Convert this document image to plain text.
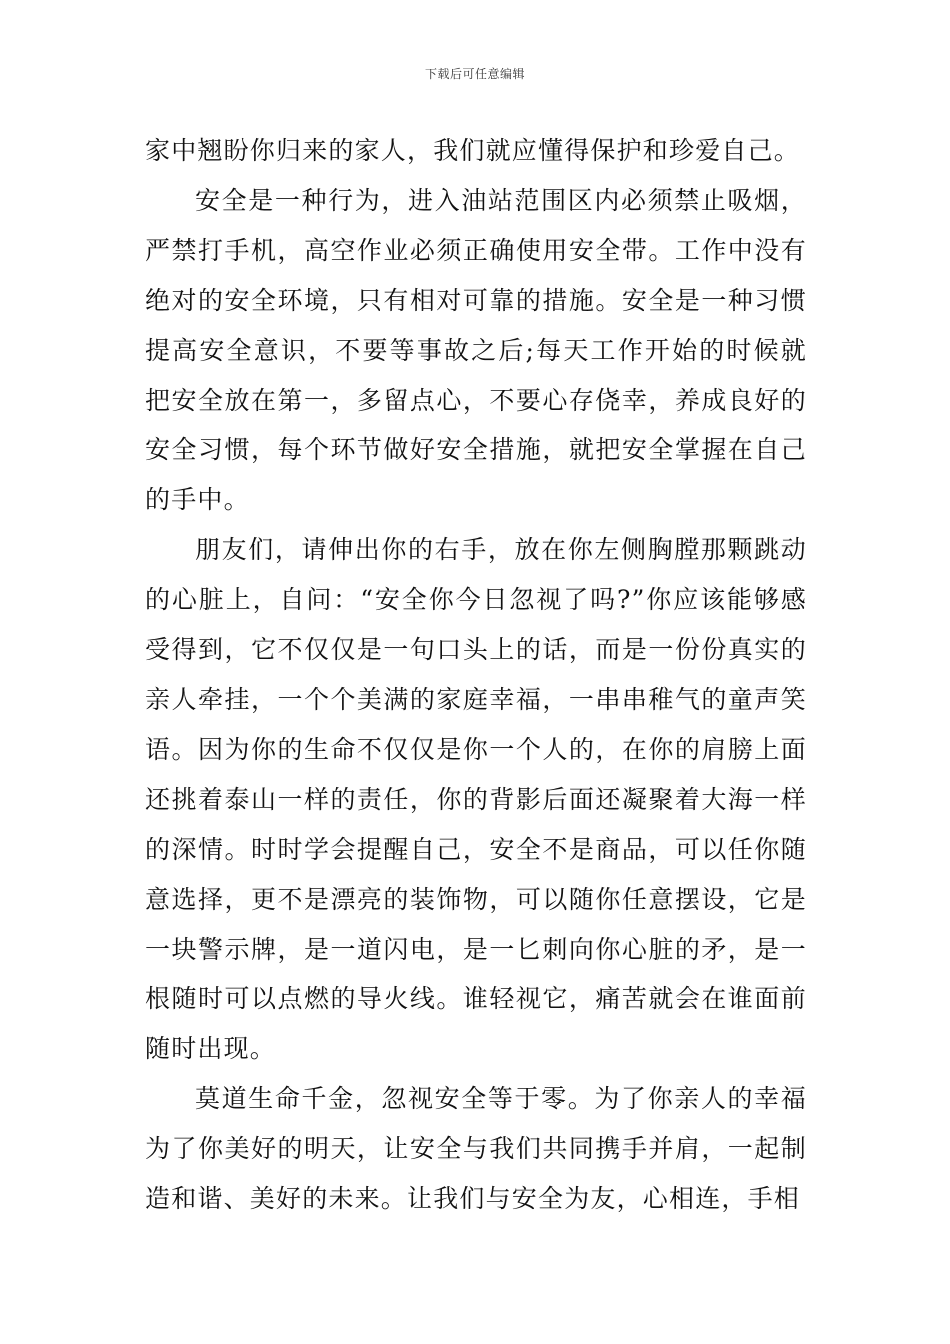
下载后可任意编辑

家中翘盼你归来的家人，我们就应懂得保护和珍爱自己。

安全是一种行为，进入油站范围区内必须禁止吸烟，严禁打手机，高空作业必须正确使用安全带。工作中没有绝对的安全环境，只有相对可靠的措施。安全是一种习惯提高安全意识，不要等事故之后;每天工作开始的时候就把安全放在第一，多留点心，不要心存侥幸，养成良好的安全习惯，每个环节做好安全措施，就把安全掌握在自己的手中。

朋友们，请伸出你的右手，放在你左侧胸膛那颗跳动的心脏上，自问：“安全你今日忽视了吗?”你应该能够感受得到，它不仅仅是一句口头上的话，而是一份份真实的亲人牵挂，一个个美满的家庭幸福，一串串稚气的童声笑语。因为你的生命不仅仅是你一个人的，在你的肩膀上面还挑着泰山一样的责任，你的背影后面还凝聚着大海一样的深情。时时学会提醒自己，安全不是商品，可以任你随意选择，更不是漂亮的装饰物，可以随你任意摆设，它是一块警示牌，是一道闪电，是一匕刺向你心脏的矛，是一根随时可以点燃的导火线。谁轻视它，痛苦就会在谁面前随时出现。

莫道生命千金，忽视安全等于零。为了你亲人的幸福为了你美好的明天，让安全与我们共同携手并肩，一起制造和谐、美好的未来。让我们与安全为友，心相连，手相
